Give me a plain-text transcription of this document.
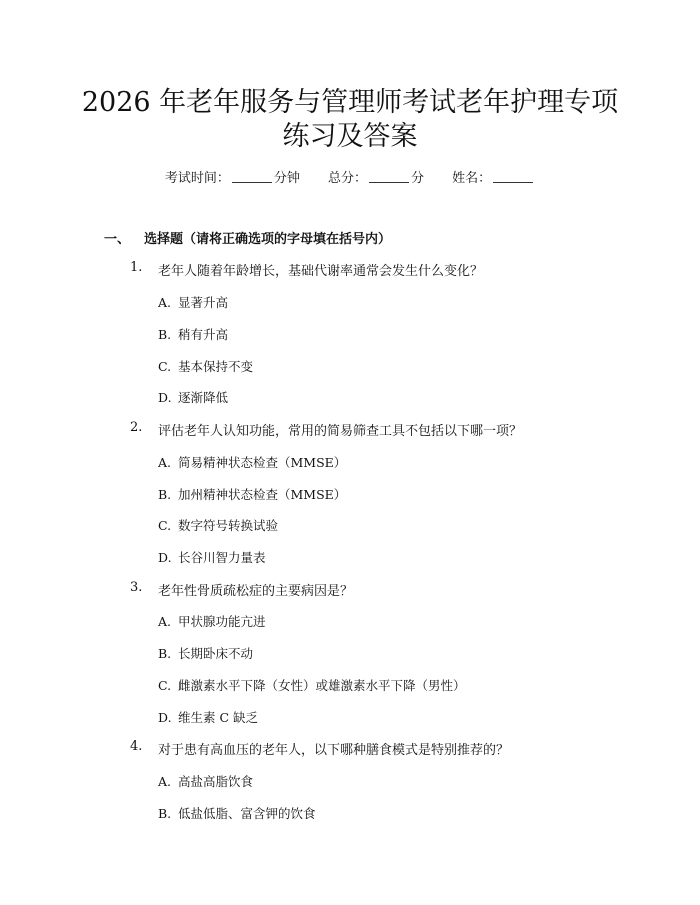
2026 年老年服务与管理师考试老年护理专项
练习及答案
考试时间：	分钟 总分：	分 姓名：
一、 选择题（请将正确选项的字母填在括号内）
1. 老年人随着年龄增长，基础代谢率通常会发生什么变化？
A. 显著升高
B. 稍有升高
C. 基本保持不变
D. 逐渐降低
2. 评估老年人认知功能，常用的简易筛查工具不包括以下哪一项？
A. 简易精神状态检查（MMSE）
B. 加州精神状态检查（MMSE）
C. 数字符号转换试验
D. 长谷川智力量表
3. 老年性骨质疏松症的主要病因是？
A. 甲状腺功能亢进
B. 长期卧床不动
C. 雌激素水平下降（女性）或雄激素水平下降（男性）
D. 维生素 C 缺乏
4. 对于患有高血压的老年人，以下哪种膳食模式是特别推荐的？
A. 高盐高脂饮食
B. 低盐低脂、富含钾的饮食
